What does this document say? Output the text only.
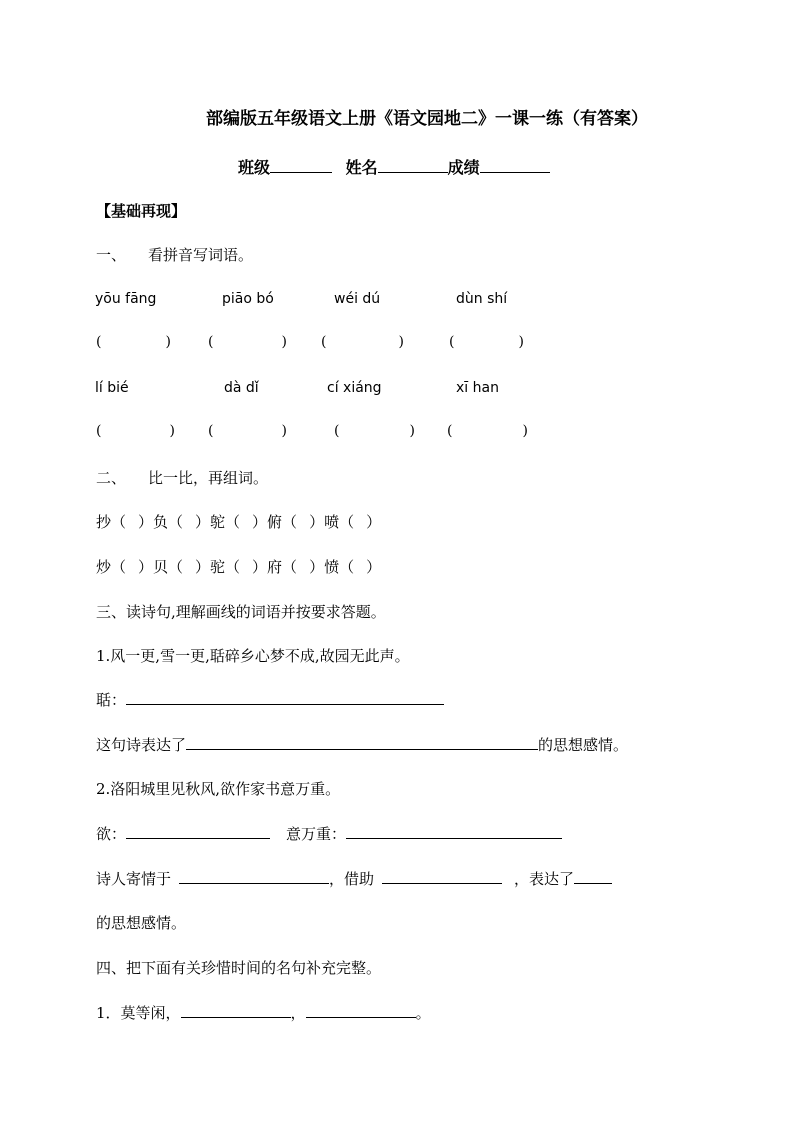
部编版五年级语文上册《语文园地二》一课一练（有答案）
班级	姓名	成绩
【基础再现】
一、 看拼音写词语。
yōu fāng	piāo bó	wéi dú	dùn shí
(	)	(	) (	)	(	)
lí bié	dà dǐ	cí xiáng	xī han
(	) (	)	(	) (	)
二、 比一比，再组词。
抄（ ）负（ ）鸵（ ）俯（ ）喷（ ）
炒（ ）贝（ ）驼（ ）府（ ）愤（ ）
三、读诗句,理解画线的词语并按要求答题。
1.风一更,雪一更,聒碎乡心梦不成,故园无此声。
聒：
这句诗表达了	的思想感情。
2.洛阳城里见秋风,欲作家书意万重。
欲：	意万重：
诗人寄情于	，借助	，表达了
的思想感情。
四、把下面有关珍惜时间的名句补充完整。
1．莫等闲，	，	。
